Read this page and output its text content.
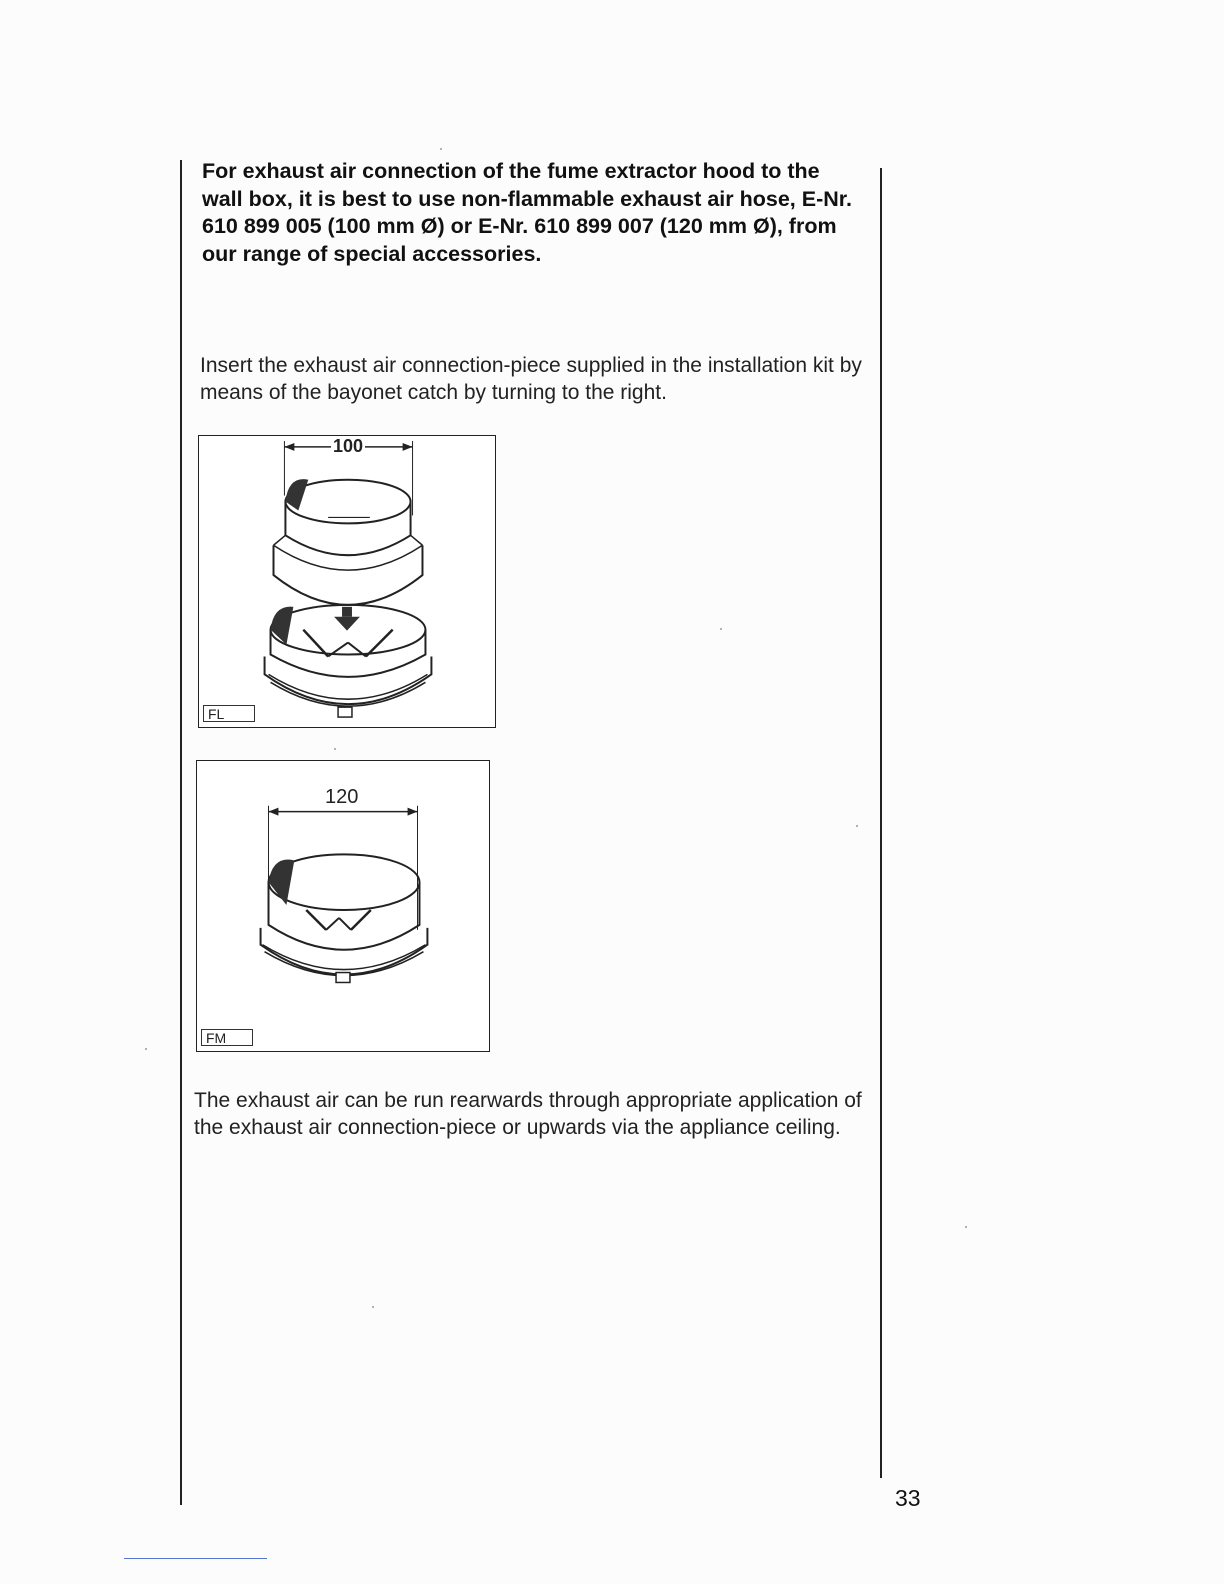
For exhaust air connection of the fume extractor hood to the wall box, it is best to use non-flammable exhaust air hose, E-Nr. 610 899 005 (100 mm Ø) or E-Nr. 610 899 007 (120 mm Ø), from our range of special accessories.

Insert the exhaust air connection-piece supplied in the installation kit by means of the bayonet catch by turning to the right.

100
FL
120
FM

The exhaust air can be run rearwards through appropriate application of the exhaust air connection-piece or upwards via the appliance ceiling.

33
